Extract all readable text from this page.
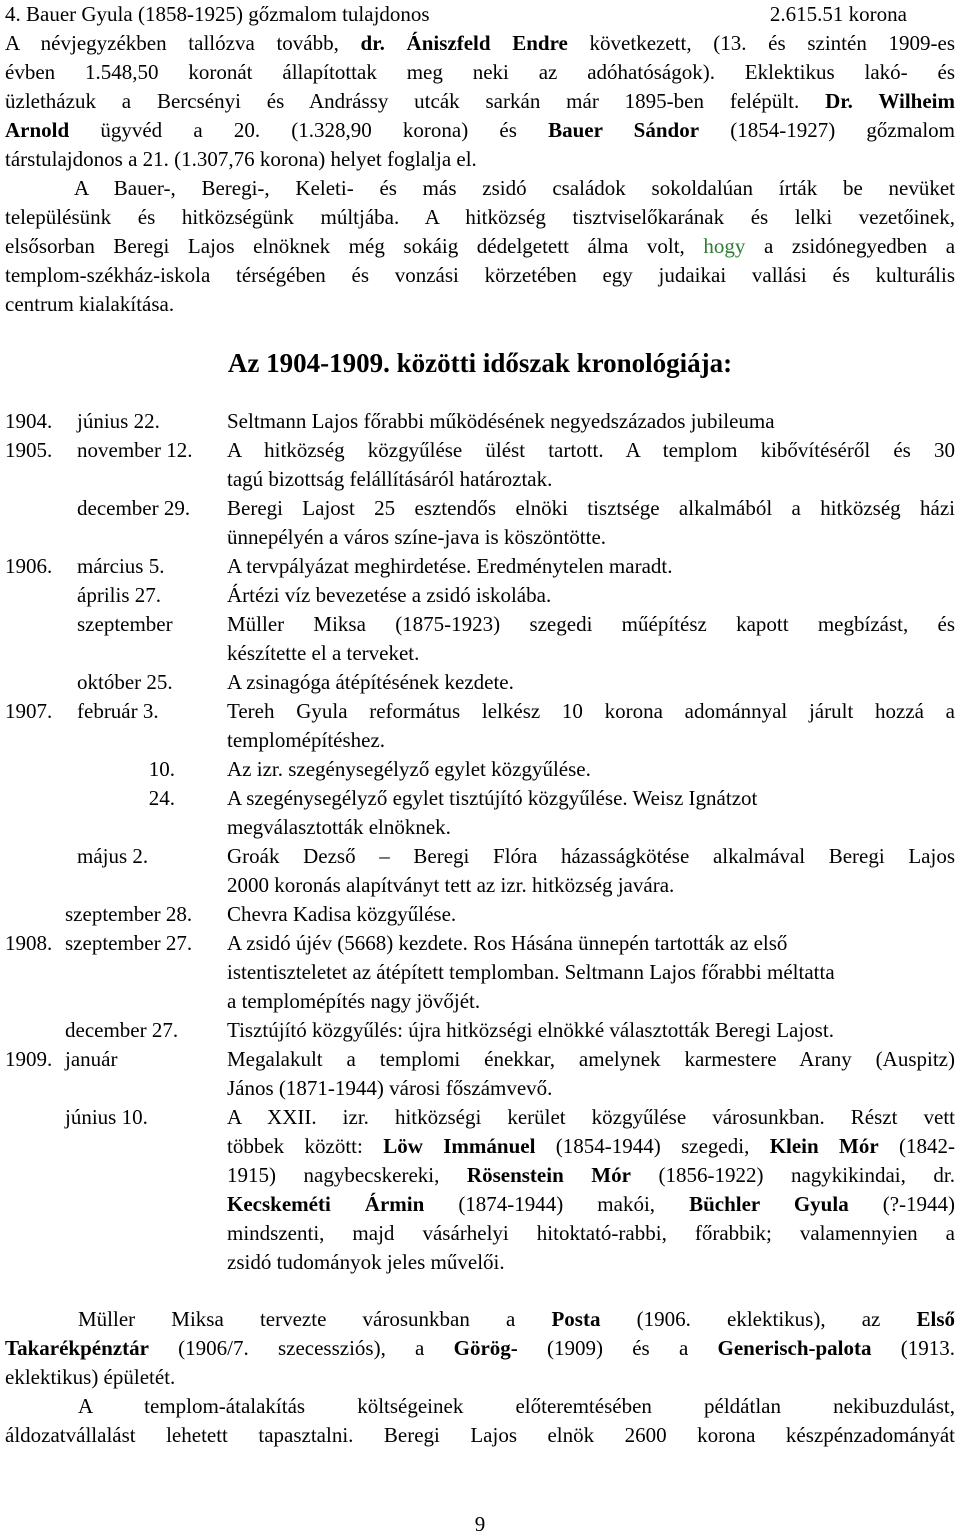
4. Bauer Gyula (1858-1925) gőzmalom tulajdonos	2.615.51 korona
A névjegyzékben tallózva tovább, dr. Ániszfeld Endre következett, (13. és szintén 1909-es
évben 1.548,50 koronát állapítottak meg neki az adóhatóságok). Eklektikus lakó- és
üzletházuk a Bercsényi és Andrássy utcák sarkán már 1895-ben felépült. Dr. Wilheim
Arnold ügyvéd a 20. (1.328,90 korona) és Bauer Sándor (1854-1927) gőzmalom
társtulajdonos a 21. (1.307,76 korona) helyet foglalja el.
A Bauer-, Beregi-, Keleti- és más zsidó családok sokoldalúan írták be nevüket
településünk és hitközségünk múltjába. A hitközség tisztviselőkarának és lelki vezetőinek,
elsősorban Beregi Lajos elnöknek még sokáig dédelgetett álma volt, hogy a zsidónegyedben a
templom-székház-iskola térségében és vonzási körzetében egy judaikai vallási és kulturális
centrum kialakítása.
Az 1904-1909. közötti időszak kronológiája:
1904. június 22.	Seltmann Lajos főrabbi működésének negyedszázados jubileuma
1905. november 12. A hitközség közgyűlése ülést tartott. A templom kibővítéséről és 30
tagú bizottság felállításáról határoztak.
december 29. Beregi Lajost 25 esztendős elnöki tisztsége alkalmából a hitközség házi
ünnepélyén a város színe-java is köszöntötte.
1906. március 5.	A tervpályázat meghirdetése. Eredménytelen maradt.
április 27.	Ártézi víz bevezetése a zsidó iskolába.
szeptember	Müller Miksa (1875-1923) szegedi műépítész kapott megbízást, és
készítette el a terveket.
október 25.	A zsinagóga átépítésének kezdete.
1907. február 3.	Tereh Gyula református lelkész 10 korona adománnyal járult hozzá a
templomépítéshez.
10. Az izr. szegénysegélyző egylet közgyűlése.
24. A szegénysegélyző egylet tisztújító közgyűlése. Weisz Ignátzot
megválasztották elnöknek.
május 2.	Groák Dezső – Beregi Flóra házasságkötése alkalmával Beregi Lajos
2000 koronás alapítványt tett az izr. hitközség javára.
szeptember 28. Chevra Kadisa közgyűlése.
1908. szeptember 27. A zsidó újév (5668) kezdete. Ros Hásána ünnepén tartották az első
istentiszteletet az átépített templomban. Seltmann Lajos főrabbi méltatta
a templomépítés nagy jövőjét.
december 27. Tisztújító közgyűlés: újra hitközségi elnökké választották Beregi Lajost.
1909. január	Megalakult a templomi énekkar, amelynek karmestere Arany (Auspitz)
János (1871-1944) városi főszámvevő.
június 10.	A XXII. izr. hitközségi kerület közgyűlése városunkban. Részt vett
többek között: Löw Immánuel (1854-1944) szegedi, Klein Mór (1842-
1915) nagybecskereki, Rösenstein Mór (1856-1922) nagykikindai, dr.
Kecskeméti Ármin (1874-1944) makói, Büchler Gyula (?-1944)
mindszenti, majd vásárhelyi hitoktató-rabbi, főrabbik; valamennyien a
zsidó tudományok jeles művelői.
Müller Miksa tervezte városunkban a Posta (1906. eklektikus), az Első
Takarékpénztár (1906/7. szecessziós), a Görög- (1909) és a Generisch-palota (1913.
eklektikus) épületét.
A templom-átalakítás költségeinek előteremtésében példátlan nekibuzdulást,
áldozatvállalást lehetett tapasztalni. Beregi Lajos elnök 2600 korona készpénzadományát
9
